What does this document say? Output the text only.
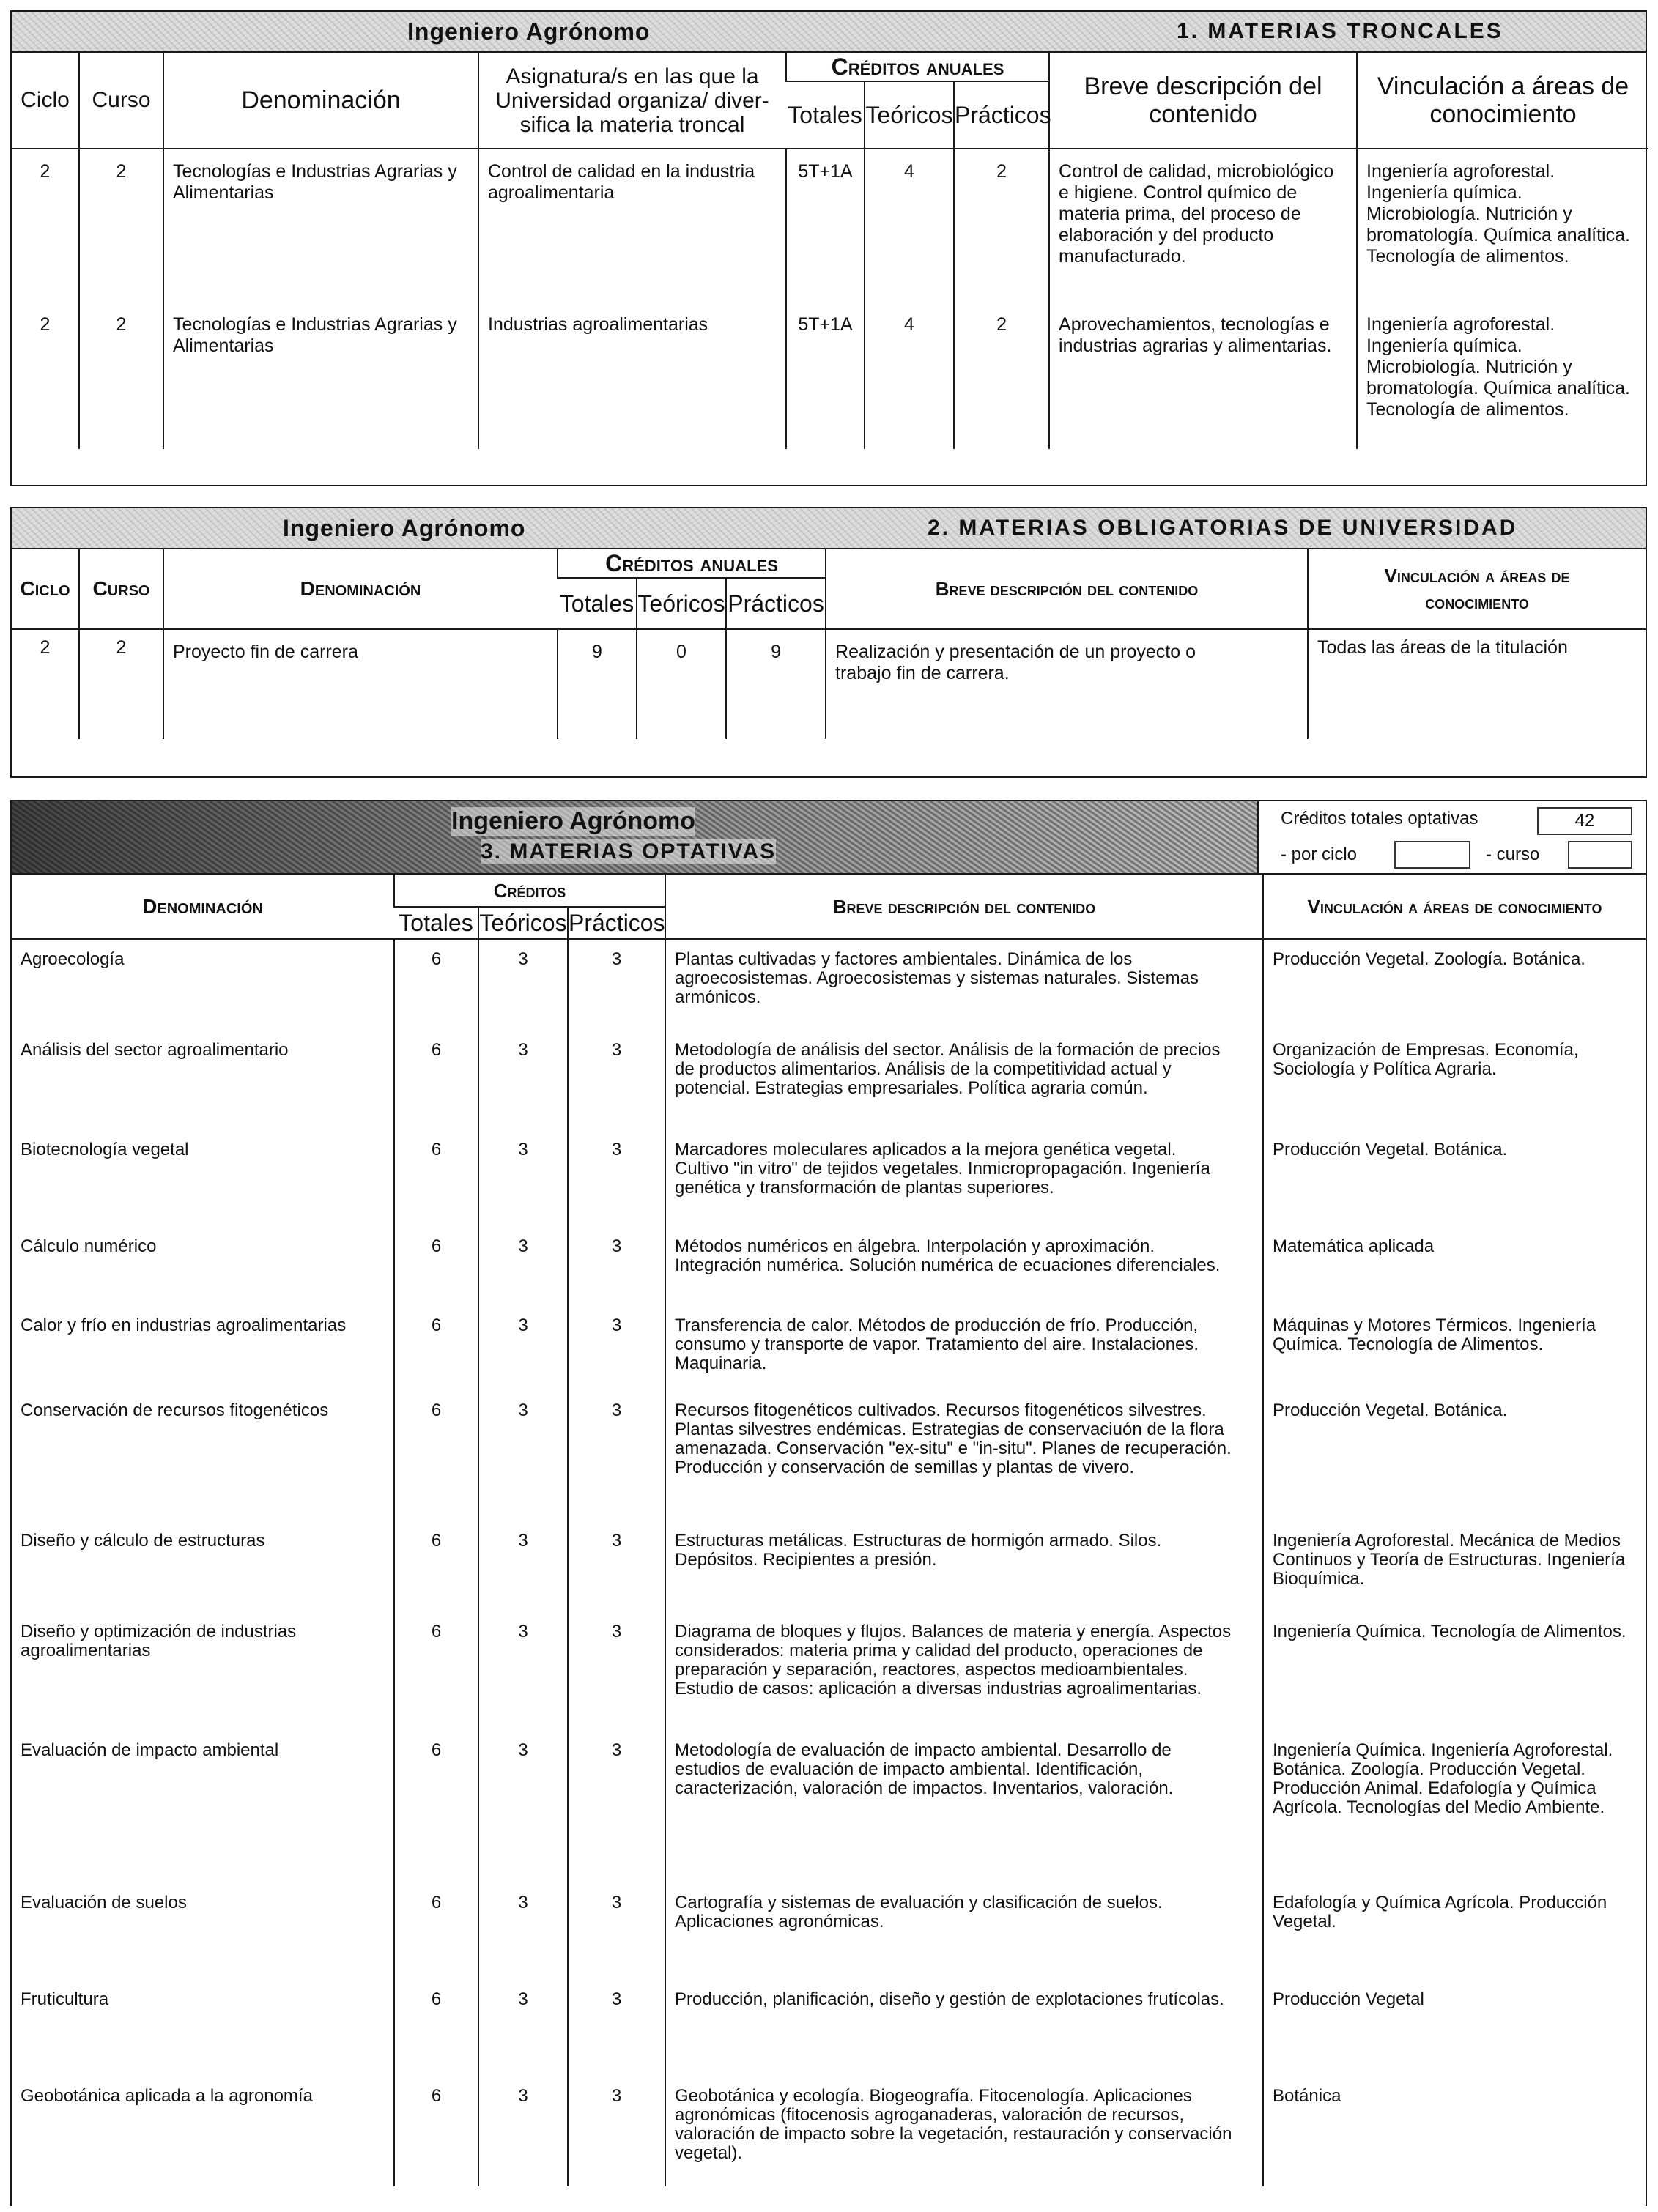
Ingeniero Agrónomo	1. MATERIAS TRONCALES
Ciclo	Curso	Denominación	Asignatura/s en las que la Universidad organiza/ diver-sifica la materia troncal	Créditos anuales			Breve descripción del contenido	Vinculación a áreas de conocimiento
				Totales	Teóricos	Prácticos		
2	2	Tecnologías e Industrias Agrarias y Alimentarias	Control de calidad en la industria agroalimentaria	5T+1A	4	2	Control de calidad, microbiológico e higiene. Control químico de materia prima, del proceso de elaboración y del producto manufacturado.	Ingeniería agroforestal. Ingeniería química. Microbiología. Nutrición y bromatología. Química analítica. Tecnología de alimentos.
2	2	Tecnologías e Industrias Agrarias y Alimentarias	Industrias agroalimentarias	5T+1A	4	2	Aprovechamientos, tecnologías e industrias agrarias y alimentarias.	Ingeniería agroforestal. Ingeniería química. Microbiología. Nutrición y bromatología. Química analítica. Tecnología de alimentos.
Ingeniero Agrónomo	2. MATERIAS OBLIGATORIAS DE UNIVERSIDAD
Ciclo	Curso	Denominación	Créditos anuales			Breve descripción del contenido	Vinculación a áreas de conocimiento
			Totales	Teóricos	Prácticos		
2	2	Proyecto fin de carrera	9	0	9	Realización y presentación de un proyecto o trabajo fin de carrera.	Todas las áreas de la titulación
Ingeniero Agrónomo
3. MATERIAS OPTATIVAS
Créditos totales optativas	42
- por ciclo	- curso
Denominación	Créditos			Breve descripción del contenido	Vinculación a áreas de conocimiento
	Totales	Teóricos	Prácticos		
Agroecología	6	3	3	Plantas cultivadas y factores ambientales. Dinámica de los agroecosistemas. Agroecosistemas y sistemas naturales. Sistemas armónicos.	Producción Vegetal. Zoología. Botánica.
Análisis del sector agroalimentario	6	3	3	Metodología de análisis del sector. Análisis de la formación de precios de productos alimentarios. Análisis de la competitividad actual y potencial. Estrategias empresariales. Política agraria común.	Organización de Empresas. Economía, Sociología y Política Agraria.
Biotecnología vegetal	6	3	3	Marcadores moleculares aplicados a la mejora genética vegetal. Cultivo "in vitro" de tejidos vegetales. Inmicropropagación. Ingeniería genética y transformación de plantas superiores.	Producción Vegetal. Botánica.
Cálculo numérico	6	3	3	Métodos numéricos en álgebra. Interpolación y aproximación. Integración numérica. Solución numérica de ecuaciones diferenciales.	Matemática aplicada
Calor y frío en industrias agroalimentarias	6	3	3	Transferencia de calor. Métodos de producción de frío. Producción, consumo y transporte de vapor. Tratamiento del aire. Instalaciones. Maquinaria.	Máquinas y Motores Térmicos. Ingeniería Química. Tecnología de Alimentos.
Conservación de recursos fitogenéticos	6	3	3	Recursos fitogenéticos cultivados. Recursos fitogenéticos silvestres. Plantas silvestres endémicas. Estrategias de conservaciuón de la flora amenazada. Conservación "ex-situ" e "in-situ". Planes de recuperación. Producción y conservación de semillas y plantas de vivero.	Producción Vegetal. Botánica.
Diseño y cálculo de estructuras	6	3	3	Estructuras metálicas. Estructuras de hormigón armado. Silos. Depósitos. Recipientes a presión.	Ingeniería Agroforestal. Mecánica de Medios Continuos y Teoría de Estructuras. Ingeniería Bioquímica.
Diseño y optimización de industrias agroalimentarias	6	3	3	Diagrama de bloques y flujos. Balances de materia y energía. Aspectos considerados: materia prima y calidad del producto, operaciones de preparación y separación, reactores, aspectos medioambientales. Estudio de casos: aplicación a diversas industrias agroalimentarias.	Ingeniería Química. Tecnología de Alimentos.
Evaluación de impacto ambiental	6	3	3	Metodología de evaluación de impacto ambiental. Desarrollo de estudios de evaluación de impacto ambiental. Identificación, caracterización, valoración de impactos. Inventarios, valoración.	Ingeniería Química. Ingeniería Agroforestal. Botánica. Zoología. Producción Vegetal. Producción Animal. Edafología y Química Agrícola. Tecnologías del Medio Ambiente.
Evaluación de suelos	6	3	3	Cartografía y sistemas de evaluación y clasificación de suelos. Aplicaciones agronómicas.	Edafología y Química Agrícola. Producción Vegetal.
Fruticultura	6	3	3	Producción, planificación, diseño y gestión de explotaciones frutícolas.	Producción Vegetal
Geobotánica aplicada a la agronomía	6	3	3	Geobotánica y ecología. Biogeografía. Fitocenología. Aplicaciones agronómicas (fitocenosis agroganaderas, valoración de recursos, valoración de impacto sobre la vegetación, restauración y conservación vegetal).	Botánica
